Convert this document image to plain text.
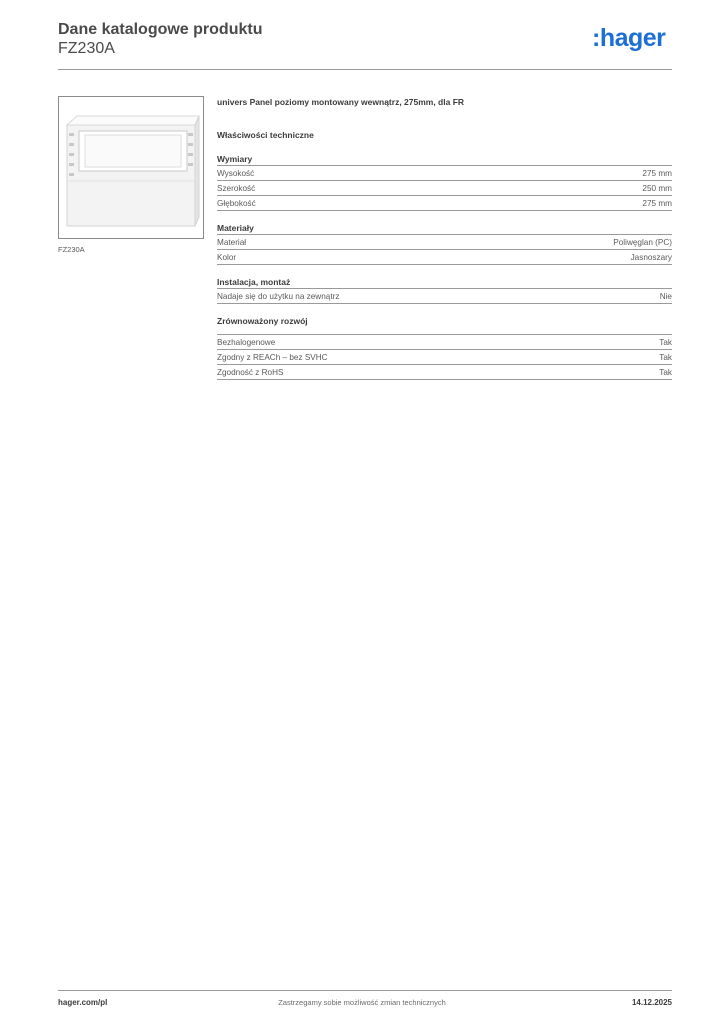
Dane katalogowe produktu
FZ230A	:hager
FZ230A
univers Panel poziomy montowany wewnątrz, 275mm, dla FR
Właściwości techniczne
Wymiary
Wysokość	275 mm
Szerokość	250 mm
Głębokość	275 mm
Materiały
Materiał	Poliwęglan (PC)
Kolor	Jasnoszary
Instalacja, montaż
Nadaje się do użytku na zewnątrz	Nie
Zrównoważony rozwój
Bezhalogenowe	Tak
Zgodny z REACh – bez SVHC	Tak
Zgodność z RoHS	Tak
hager.com/pl	Zastrzegamy sobie możliwość zmian technicznych	14.12.2025
